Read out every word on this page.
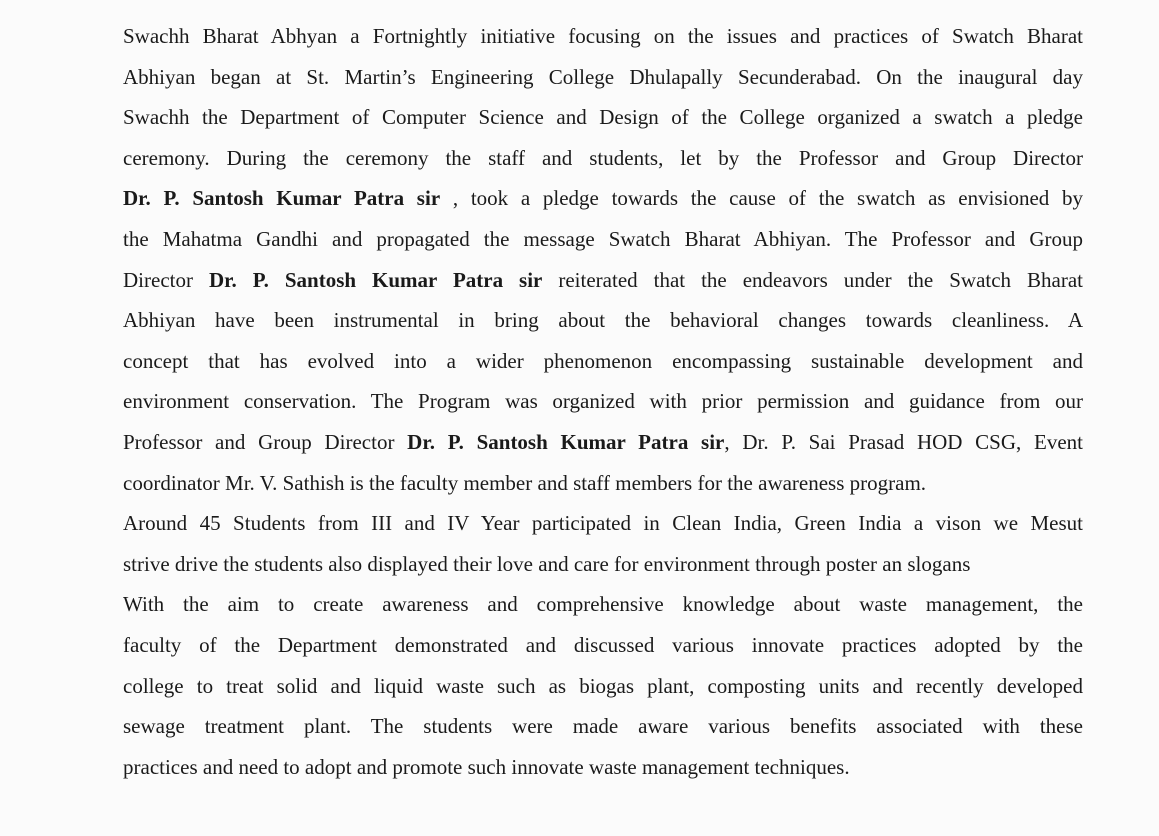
Swachh Bharat Abhyan a Fortnightly initiative focusing on the issues and practices of Swatch Bharat
Abhiyan began at St. Martin’s Engineering College Dhulapally Secunderabad. On the inaugural day
Swachh the Department of Computer Science and Design of the College organized a swatch a pledge
ceremony. During the ceremony the staff and students, let by the Professor and Group Director
Dr. P. Santosh Kumar Patra sir , took a pledge towards the cause of the swatch as envisioned by
the Mahatma Gandhi and propagated the message Swatch Bharat Abhiyan. The Professor and Group
Director Dr. P. Santosh Kumar Patra sir reiterated that the endeavors under the Swatch Bharat
Abhiyan have been instrumental in bring about the behavioral changes towards cleanliness. A
concept that has evolved into a wider phenomenon encompassing sustainable development and
environment conservation. The Program was organized with prior permission and guidance from our
Professor and Group Director Dr. P. Santosh Kumar Patra sir, Dr. P. Sai Prasad HOD CSG, Event
coordinator Mr. V. Sathish is the faculty member and staff members for the awareness program.
Around 45 Students from III and IV Year participated in Clean India, Green India a vison we Mesut
strive drive the students also displayed their love and care for environment through poster an slogans
With the aim to create awareness and comprehensive knowledge about waste management, the
faculty of the Department demonstrated and discussed various innovate practices adopted by the
college to treat solid and liquid waste such as biogas plant, composting units and recently developed
sewage treatment plant. The students were made aware various benefits associated with these
practices and need to adopt and promote such innovate waste management techniques.
